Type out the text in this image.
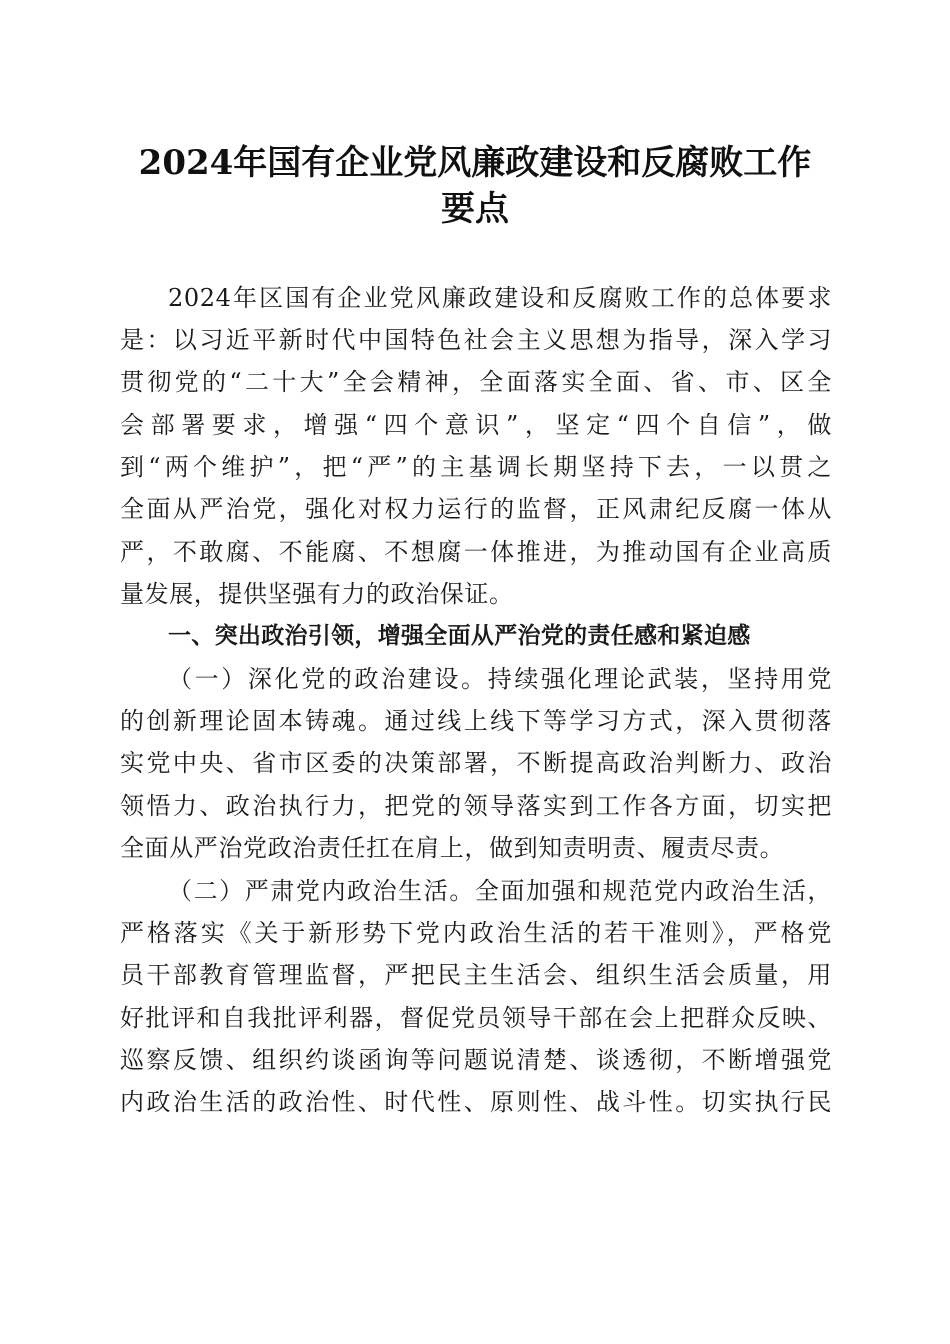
2024年国有企业党风廉政建设和反腐败工作
要点
2024年区国有企业党风廉政建设和反腐败工作的总体要求
是：以习近平新时代中国特色社会主义思想为指导，深入学习
贯彻党的“二十大”全会精神，全面落实全面、省、市、区全
会部署要求，增强“四个意识”，坚定“四个自信”，做
到“两个维护”，把“严”的主基调长期坚持下去，一以贯之
全面从严治党，强化对权力运行的监督，正风肃纪反腐一体从
严，不敢腐、不能腐、不想腐一体推进，为推动国有企业高质
量发展，提供坚强有力的政治保证。
一、突出政治引领，增强全面从严治党的责任感和紧迫感
（一）深化党的政治建设。持续强化理论武装，坚持用党
的创新理论固本铸魂。通过线上线下等学习方式，深入贯彻落
实党中央、省市区委的决策部署，不断提高政治判断力、政治
领悟力、政治执行力，把党的领导落实到工作各方面，切实把
全面从严治党政治责任扛在肩上，做到知责明责、履责尽责。
（二）严肃党内政治生活。全面加强和规范党内政治生活，
严格落实《关于新形势下党内政治生活的若干准则》，严格党
员干部教育管理监督，严把民主生活会、组织生活会质量，用
好批评和自我批评利器，督促党员领导干部在会上把群众反映、
巡察反馈、组织约谈函询等问题说清楚、谈透彻，不断增强党
内政治生活的政治性、时代性、原则性、战斗性。切实执行民
